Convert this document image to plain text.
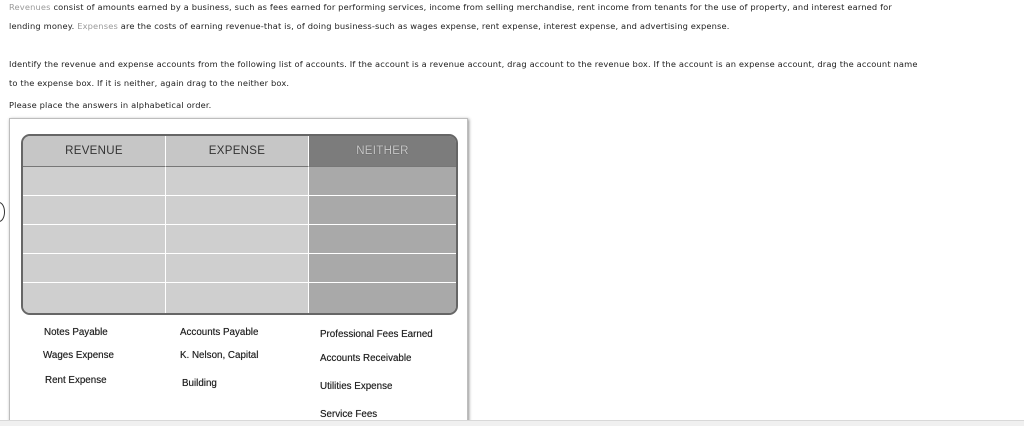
Revenues consist of amounts earned by a business, such as fees earned for performing services, income from selling merchandise, rent income from tenants for the use of property, and interest earned for
lending money. Expenses are the costs of earning revenue-that is, of doing business-such as wages expense, rent expense, interest expense, and advertising expense.
Identify the revenue and expense accounts from the following list of accounts. If the account is a revenue account, drag account to the revenue box. If the account is an expense account, drag the account name
to the expense box. If it is neither, again drag to the neither box.
Please place the answers in alphabetical order.
REVENUE	EXPENSE	NEITHER
Notes Payable
Wages Expense
Rent Expense
Accounts Payable
K. Nelson, Capital
Building
Professional Fees Earned
Accounts Receivable
Utilities Expense
Service Fees
